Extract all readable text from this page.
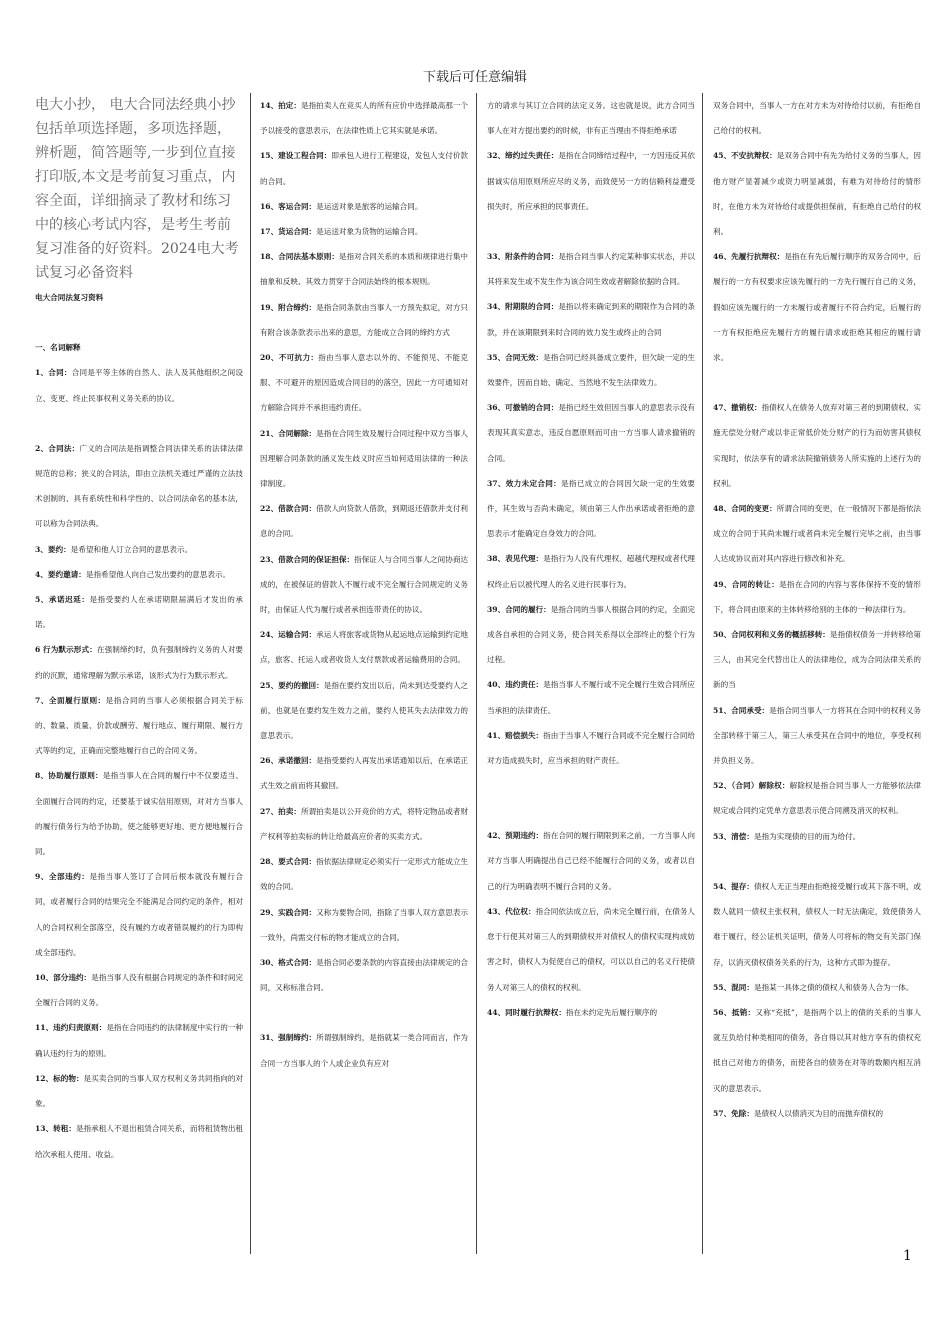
下载后可任意编辑

电大小抄， 电大合同法经典小抄 包括单项选择题，多项选择题，辨析题，简答题等,一步到位直接打印版,本文是考前复习重点，内容全面，详细摘录了教材和练习中的核心考试内容，是考生考前复习准备的好资料。2024电大考试复习必备资料

电大合同法复习资料

一、名词解释

1、合同：合同是平等主体的自然人、法人及其他组织之间设立、变更、终止民事权利义务关系的协议。

2、合同法：广义的合同法是指调整合同法律关系的法律法律规范的总称；狭义的合同法，即由立法机关通过严谨的立法技术创制的、具有系统性和科学性的、以合同法命名的基本法，可以称为合同法典。

3、要约：是希望和他人订立合同的意思表示。

4、要约邀请：是指希望他人向自己发出要约的意思表示。

5、承诺迟延：是指受要约人在承诺期限届满后才发出的承诺。

6 行为默示形式：在强制缔约时，负有强制缔约义务的人对要约的沉默，通常理解为默示承诺，该形式为行为默示形式。

7、全面履行原则：是指合同的当事人必须根据合同关于标的、数量、质量、价款或酬劳、履行地点、履行期限、履行方式等的约定，正确而完整地履行自己的合同义务。

8、协助履行原则：是指当事人在合同的履行中不仅要适当、全面履行合同的约定，还要基于诚实信用原则，对对方当事人的履行债务行为给予协助，使之能够更好地、更方便地履行合同。

9、全部违约：是指当事人签订了合同后根本就没有履行合同，或者履行合同的结果完全不能满足合同约定的条件，相对人的合同权利全部落空，没有履约方或者错误履约的行为即构成全部违约。

10、部分违约：是指当事人没有根据合同规定的条件和时间完全履行合同的义务。

11、违约归责原则：是指在合同违约的法律制度中实行的一种确认违约行为的原则。

12、标的物：是买卖合同的当事人双方权利义务共同指向的对象。

13、转租：是指承租人不退出租赁合同关系，而将租赁物出租给次承租人使用、收益。

14、拍定：是指拍卖人在竞买人的所有应价中选择最高那一个予以接受的意思表示，在法律性质上它其实就是承诺。

15、建设工程合同：即承包人进行工程建设，发包人支付价款的合同。

16、客运合同：是运送对象是旅客的运输合同。

17、货运合同：是运送对象为货物的运输合同。

18、合同法基本原则：是指对合同关系的本质和规律进行集中抽象和反映、其效力贯穿于合同法始终的根本规则。

19、附合缔约：是指合同条款由当事人一方预先拟定，对方只有附合该条款表示出来的意思，方能成立合同的缔约方式

20、不可抗力：指由当事人意志以外的、不能预见、不能克服、不可避开的原因造成合同目的的落空，因此一方可通知对方解除合同并不承担违约责任。

21、合同解除：是指在合同生效及履行合同过程中双方当事人因理解合同条款的涵义发生歧义时应当如何适用法律的一种法律制度。

22、借款合同：借款人向贷款人借款，到期返还借款并支付利息的合同。

23、借款合同的保证担保：指保证人与合同当事人之间协商达成的，在被保证的借款人不履行或不完全履行合同规定的义务时，由保证人代为履行或者承担连带责任的协议。

24、运输合同：承运人将旅客或货物从起运地点运输到约定地点，旅客、托运人或者收货人支付票款或者运输费用的合同。

25、要约的撤回：是指在要约发出以后，尚未到达受要约人之前，也就是在要约发生效力之前，要约人使其失去法律效力的意思表示。

26、承诺撤回：是指受要约人再发出承诺通知以后，在承诺正式生效之前而将其撤回。

27、拍卖：所谓拍卖是以公开竞价的方式，将特定物品或者财产权利等拍卖标的转让给最高应价者的买卖方式。

28、要式合同：指依据法律规定必须实行一定形式方能成立生效的合同。

29、实践合同：又称为要物合同，指除了当事人双方意思表示一致外，尚需交付标的物才能成立的合同。

30、格式合同：是指合同必要条款的内容直接由法律规定的合同，又称标准合同。

31、强制缔约：所谓强制缔约，是指就某一类合同而言，作为合同一方当事人的个人或企业负有应对

方的请求与其订立合同的法定义务。这也就是说，此方合同当事人在对方提出要约的时候，非有正当理由不得拒绝承诺

32、缔约过失责任：是指在合同缔结过程中，一方因违反其依据诚实信用原则所应尽的义务，而致使另一方的信赖利益遭受损失时，所应承担的民事责任。

33、附条件的合同：是指合同当事人约定某种事实状态，并以其将来发生或不发生作为该合同生效或者解除依据的合同。

34、附期限的合同：是指以将来确定到来的期限作为合同的条款，并在该期限到来时合同的效力发生或终止的合同

35、合同无效：是指合同已经具备成立要件，但欠缺一定的生效要件，因而自始、确定、当然地不发生法律效力。

36、可撤销的合同：是指已经生效但因当事人的意思表示没有表现其真实意志，违反自愿原则而可由一方当事人请求撤销的合同。

37、效力未定合同：是指已成立的合同因欠缺一定的生效要件，其生效与否尚未确定，须由第三人作出承诺或者拒绝的意思表示才能确定自身效力的合同。

38、表见代理：是指行为人没有代理权、超越代理权或者代理权终止后以被代理人的名义进行民事行为。

39、合同的履行：是指合同的当事人根据合同的约定，全面完成各自承担的合同义务，使合同关系得以全部终止的整个行为过程。

40、违约责任：是指当事人不履行或不完全履行生效合同所应当承担的法律责任。

41、赔偿损失：指由于当事人不履行合同或不完全履行合同给对方造成损失时，应当承担的财产责任。

42、预期违约：指在合同的履行期限到来之前，一方当事人向对方当事人明确提出自己已经不能履行合同的义务，或者以自己的行为明确表明不履行合同的义务。

43、代位权：指合同依法成立后，尚未完全履行前，在债务人怠于行使其对第三人的到期债权并对债权人的债权实现构成妨害之时，债权人为促使自己的债权，可以以自己的名义行使债务人对第三人的债权的权利。

44、同时履行抗辩权：指在未约定先后履行顺序的

双务合同中，当事人一方在对方未为对待给付以前，有拒绝自己给付的权利。

45、不安抗辩权：是双务合同中有先为给付义务的当事人，因他方财产显著减少或资力明显减弱，有难为对待给付的情形时，在他方未为对待给付或提供担保前，有拒绝自己给付的权利。

46、先履行抗辩权：是指在有先后履行顺序的双务合同中，后履行的一方有权要求应该先履行的一方先行履行自己的义务，假如应该先履行的一方未履行或者履行不符合约定，后履行的一方有权拒绝应先履行方的履行请求或拒绝其相应的履行请求。

47、撤销权：指债权人在债务人放弃对第三者的到期债权、实施无偿处分财产或以非正常低价处分财产的行为而妨害其债权实现时，依法享有的请求法院撤销债务人所实施的上述行为的权利。

48、合同的变更：所谓合同的变更，在一般情况下都是指依法成立的合同于其尚未履行或者尚未完全履行完毕之前，由当事人达成协议而对其内容进行修改和补充。

49、合同的转让：是指在合同的内容与客体保持不变的情形下，将合同由原来的主体转移给别的主体的一种法律行为。

50、合同权利和义务的概括移转：是指债权债务一并转移给第三人，由其完全代替出让人的法律地位，成为合同法律关系的新的当

51、合同承受：是指合同当事人一方将其在合同中的权利义务全部转移于第三人，第三人承受其在合同中的地位，享受权利并负担义务。

52、（合同）解除权：解除权是指合同当事人一方能够依法律规定或合同约定凭单方意思表示使合同溯及消灭的权利。

53、清偿：是指为实现债的目的而为给付。

54、提存：债权人无正当理由拒绝接受履行或其下落不明，或数人就同一债权主张权利，债权人一时无法确定，致使债务人难于履行，经公证机关证明，债务人可将标的物交有关部门保存，以消灭债权债务关系的行为，这种方式即为提存。

55、混同：是指某一具体之债的债权人和债务人合为一体。

56、抵销：又称“充抵”，是指两个以上的债的关系的当事人就互负给付种类相同的债务，各自得以其对他方享有的债权充抵自己对他方的债务，而使各自的债务在对等的数额内相互消灭的意思表示。

57、免除：是债权人以债消灭为目的而抛弃债权的

1
